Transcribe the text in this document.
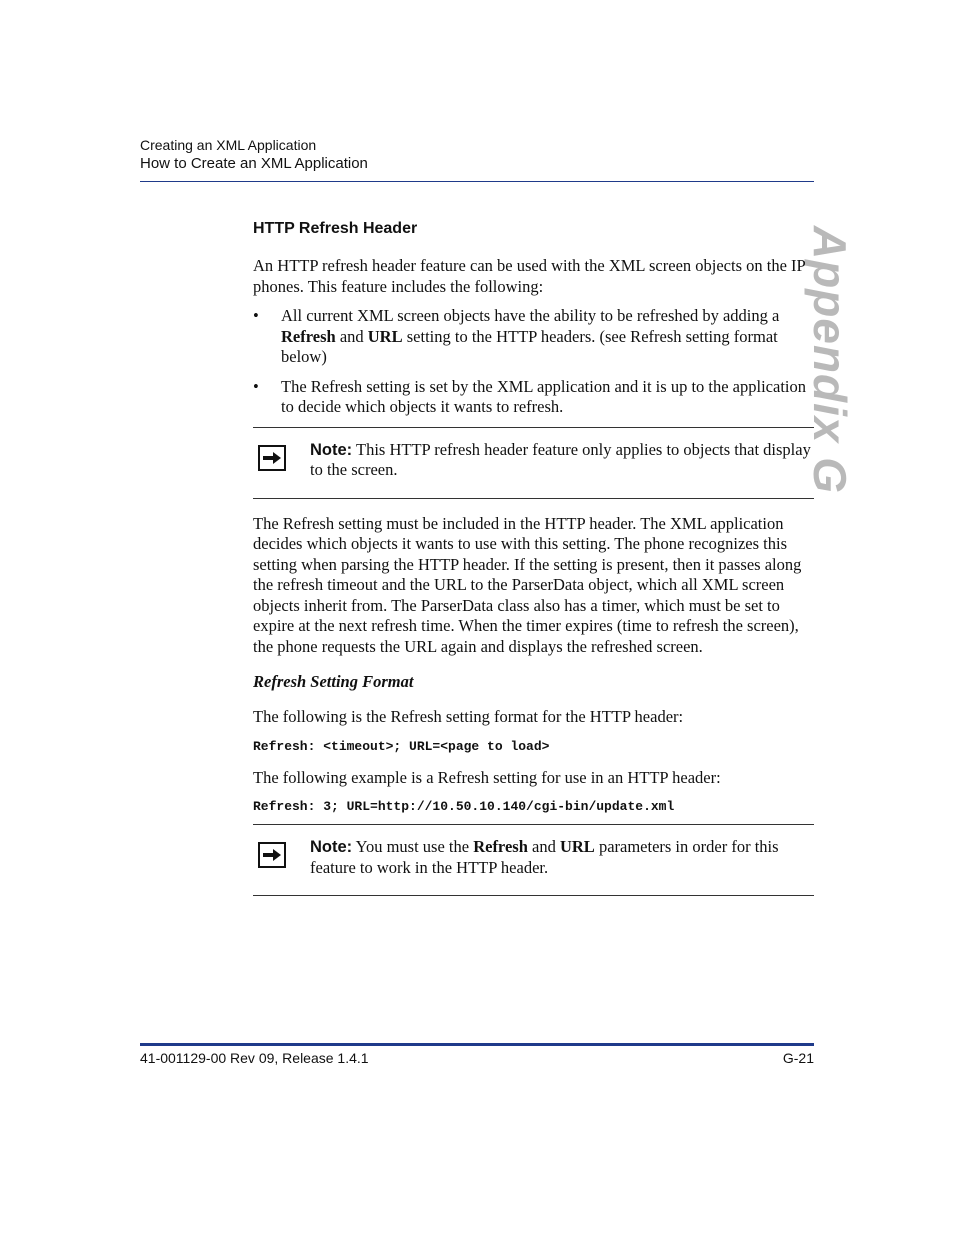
Creating an XML Application
How to Create an XML Application
Appendix G
HTTP Refresh Header

An HTTP refresh header feature can be used with the XML screen objects on the IP phones. This feature includes the following:

• All current XML screen objects have the ability to be refreshed by adding a Refresh and URL setting to the HTTP headers. (see Refresh setting format below)
• The Refresh setting is set by the XML application and it is up to the application to decide which objects it wants to refresh.
Note: This HTTP refresh header feature only applies to objects that display to the screen.

The Refresh setting must be included in the HTTP header. The XML application decides which objects it wants to use with this setting. The phone recognizes this setting when parsing the HTTP header. If the setting is present, then it passes along the refresh timeout and the URL to the ParserData object, which all XML screen objects inherit from. The ParserData class also has a timer, which must be set to expire at the next refresh time. When the timer expires (time to refresh the screen), the phone requests the URL again and displays the refreshed screen.

Refresh Setting Format

The following is the Refresh setting format for the HTTP header:

Refresh: <timeout>; URL=<page to load>

The following example is a Refresh setting for use in an HTTP header:

Refresh: 3; URL=http://10.50.10.140/cgi-bin/update.xml
Note: You must use the Refresh and URL parameters in order for this feature to work in the HTTP header.
41-001129-00 Rev 09, Release 1.4.1	G-21
